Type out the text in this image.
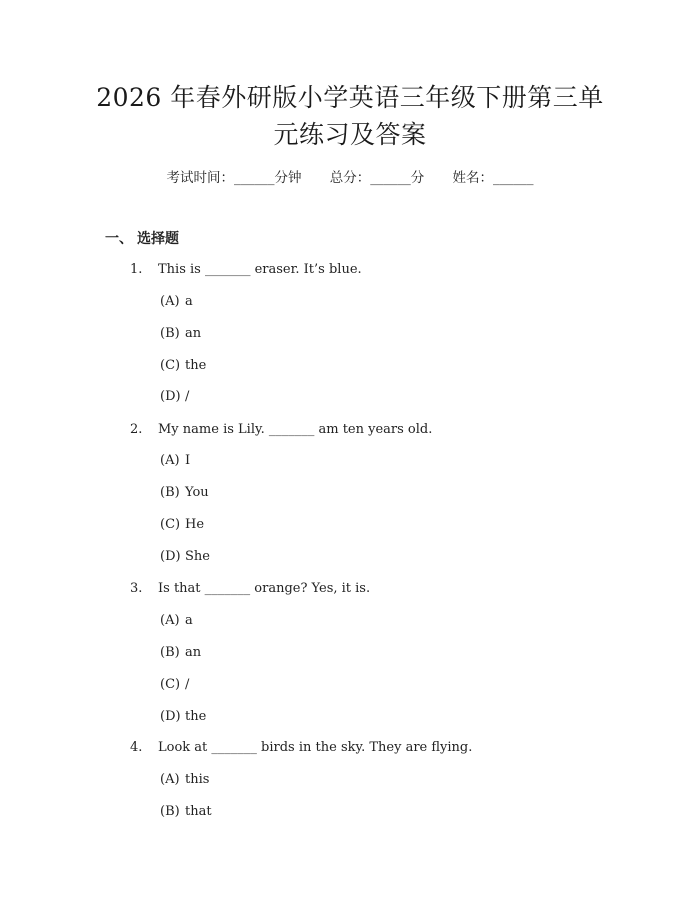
2026 年春外研版小学英语三年级下册第三单
元练习及答案
考试时间：______分钟 总分：______分 姓名：______
一、 选择题
1. This is _______ eraser. It’s blue.
(A) a
(B) an
(C) the
(D) /
2. My name is Lily. _______ am ten years old.
(A) I
(B) You
(C) He
(D) She
3. Is that _______ orange? Yes, it is.
(A) a
(B) an
(C) /
(D) the
4. Look at _______ birds in the sky. They are flying.
(A) this
(B) that
